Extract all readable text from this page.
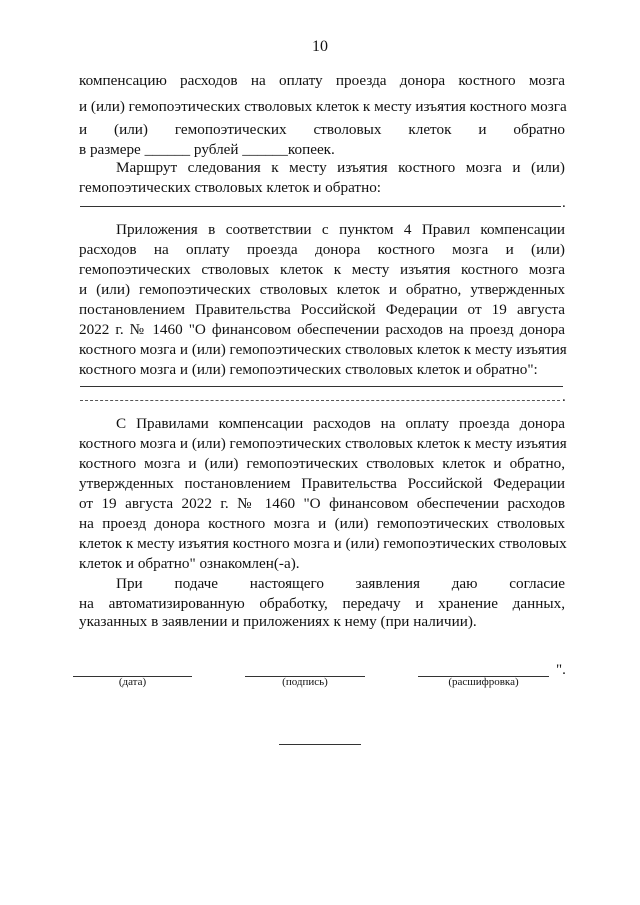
10
компенсацию расходов на оплату проезда донора костного мозга
и (или) гемопоэтических стволовых клеток к месту изъятия костного мозга
и (или) гемопоэтических стволовых клеток и обратно
в размере ______ рублей ______копеек.
Маршрут следования к месту изъятия костного мозга и (или)
гемопоэтических стволовых клеток и обратно:
.
Приложения в соответствии с пунктом 4 Правил компенсации
расходов на оплату проезда донора костного мозга и (или)
гемопоэтических стволовых клеток к месту изъятия костного мозга
и (или) гемопоэтических стволовых клеток и обратно, утвержденных
постановлением Правительства Российской Федерации от 19 августа
2022 г. № 1460 "О финансовом обеспечении расходов на проезд донора
костного мозга и (или) гемопоэтических стволовых клеток к месту изъятия
костного мозга и (или) гемопоэтических стволовых клеток и обратно":
.
С Правилами компенсации расходов на оплату проезда донора
костного мозга и (или) гемопоэтических стволовых клеток к месту изъятия
костного мозга и (или) гемопоэтических стволовых клеток и обратно,
утвержденных постановлением Правительства Российской Федерации
от 19 августа 2022 г. № 1460 "О финансовом обеспечении расходов
на проезд донора костного мозга и (или) гемопоэтических стволовых
клеток к месту изъятия костного мозга и (или) гемопоэтических стволовых
клеток и обратно" ознакомлен(-а).
При подаче настоящего заявления даю согласие
на автоматизированную обработку, передачу и хранение данных,
указанных в заявлении и приложениях к нему (при наличии).
".
(дата)	(подпись)	(расшифровка)
